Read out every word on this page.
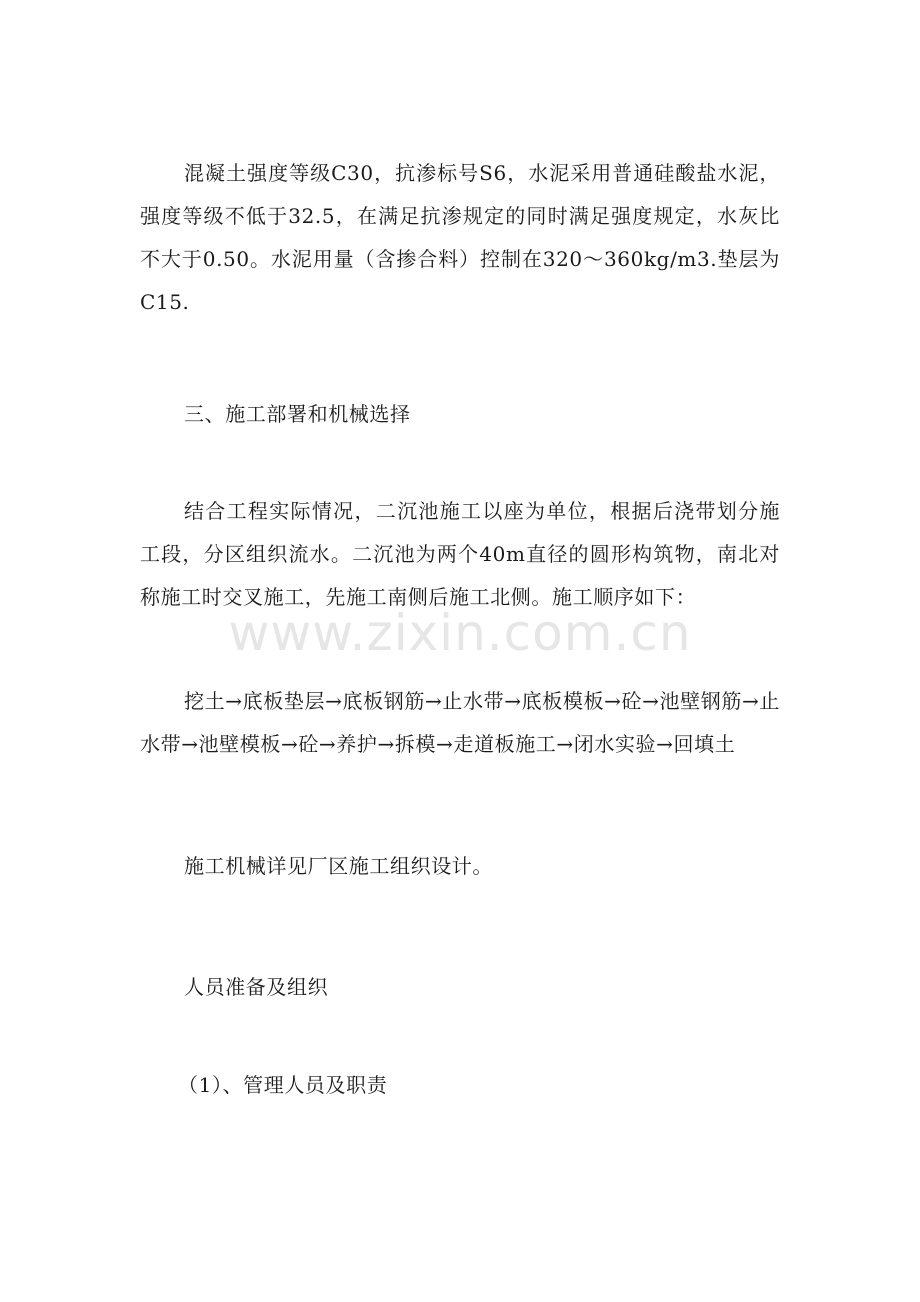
混凝土强度等级C30，抗渗标号S6，水泥采用普通硅酸盐水泥，强度等级不低于32.5，在满足抗渗规定的同时满足强度规定，水灰比不大于0.50。水泥用量（含掺合料）控制在320～360kg/m3.垫层为C15.

三、施工部署和机械选择

结合工程实际情况，二沉池施工以座为单位，根据后浇带划分施工段，分区组织流水。二沉池为两个40m直径的圆形构筑物，南北对称施工时交叉施工，先施工南侧后施工北侧。施工顺序如下：

挖土→底板垫层→底板钢筋→止水带→底板模板→砼→池壁钢筋→止水带→池壁模板→砼→养护→拆模→走道板施工→闭水实验→回填土

施工机械详见厂区施工组织设计。

人员准备及组织

（1）、管理人员及职责

www.zixin.com.cn
